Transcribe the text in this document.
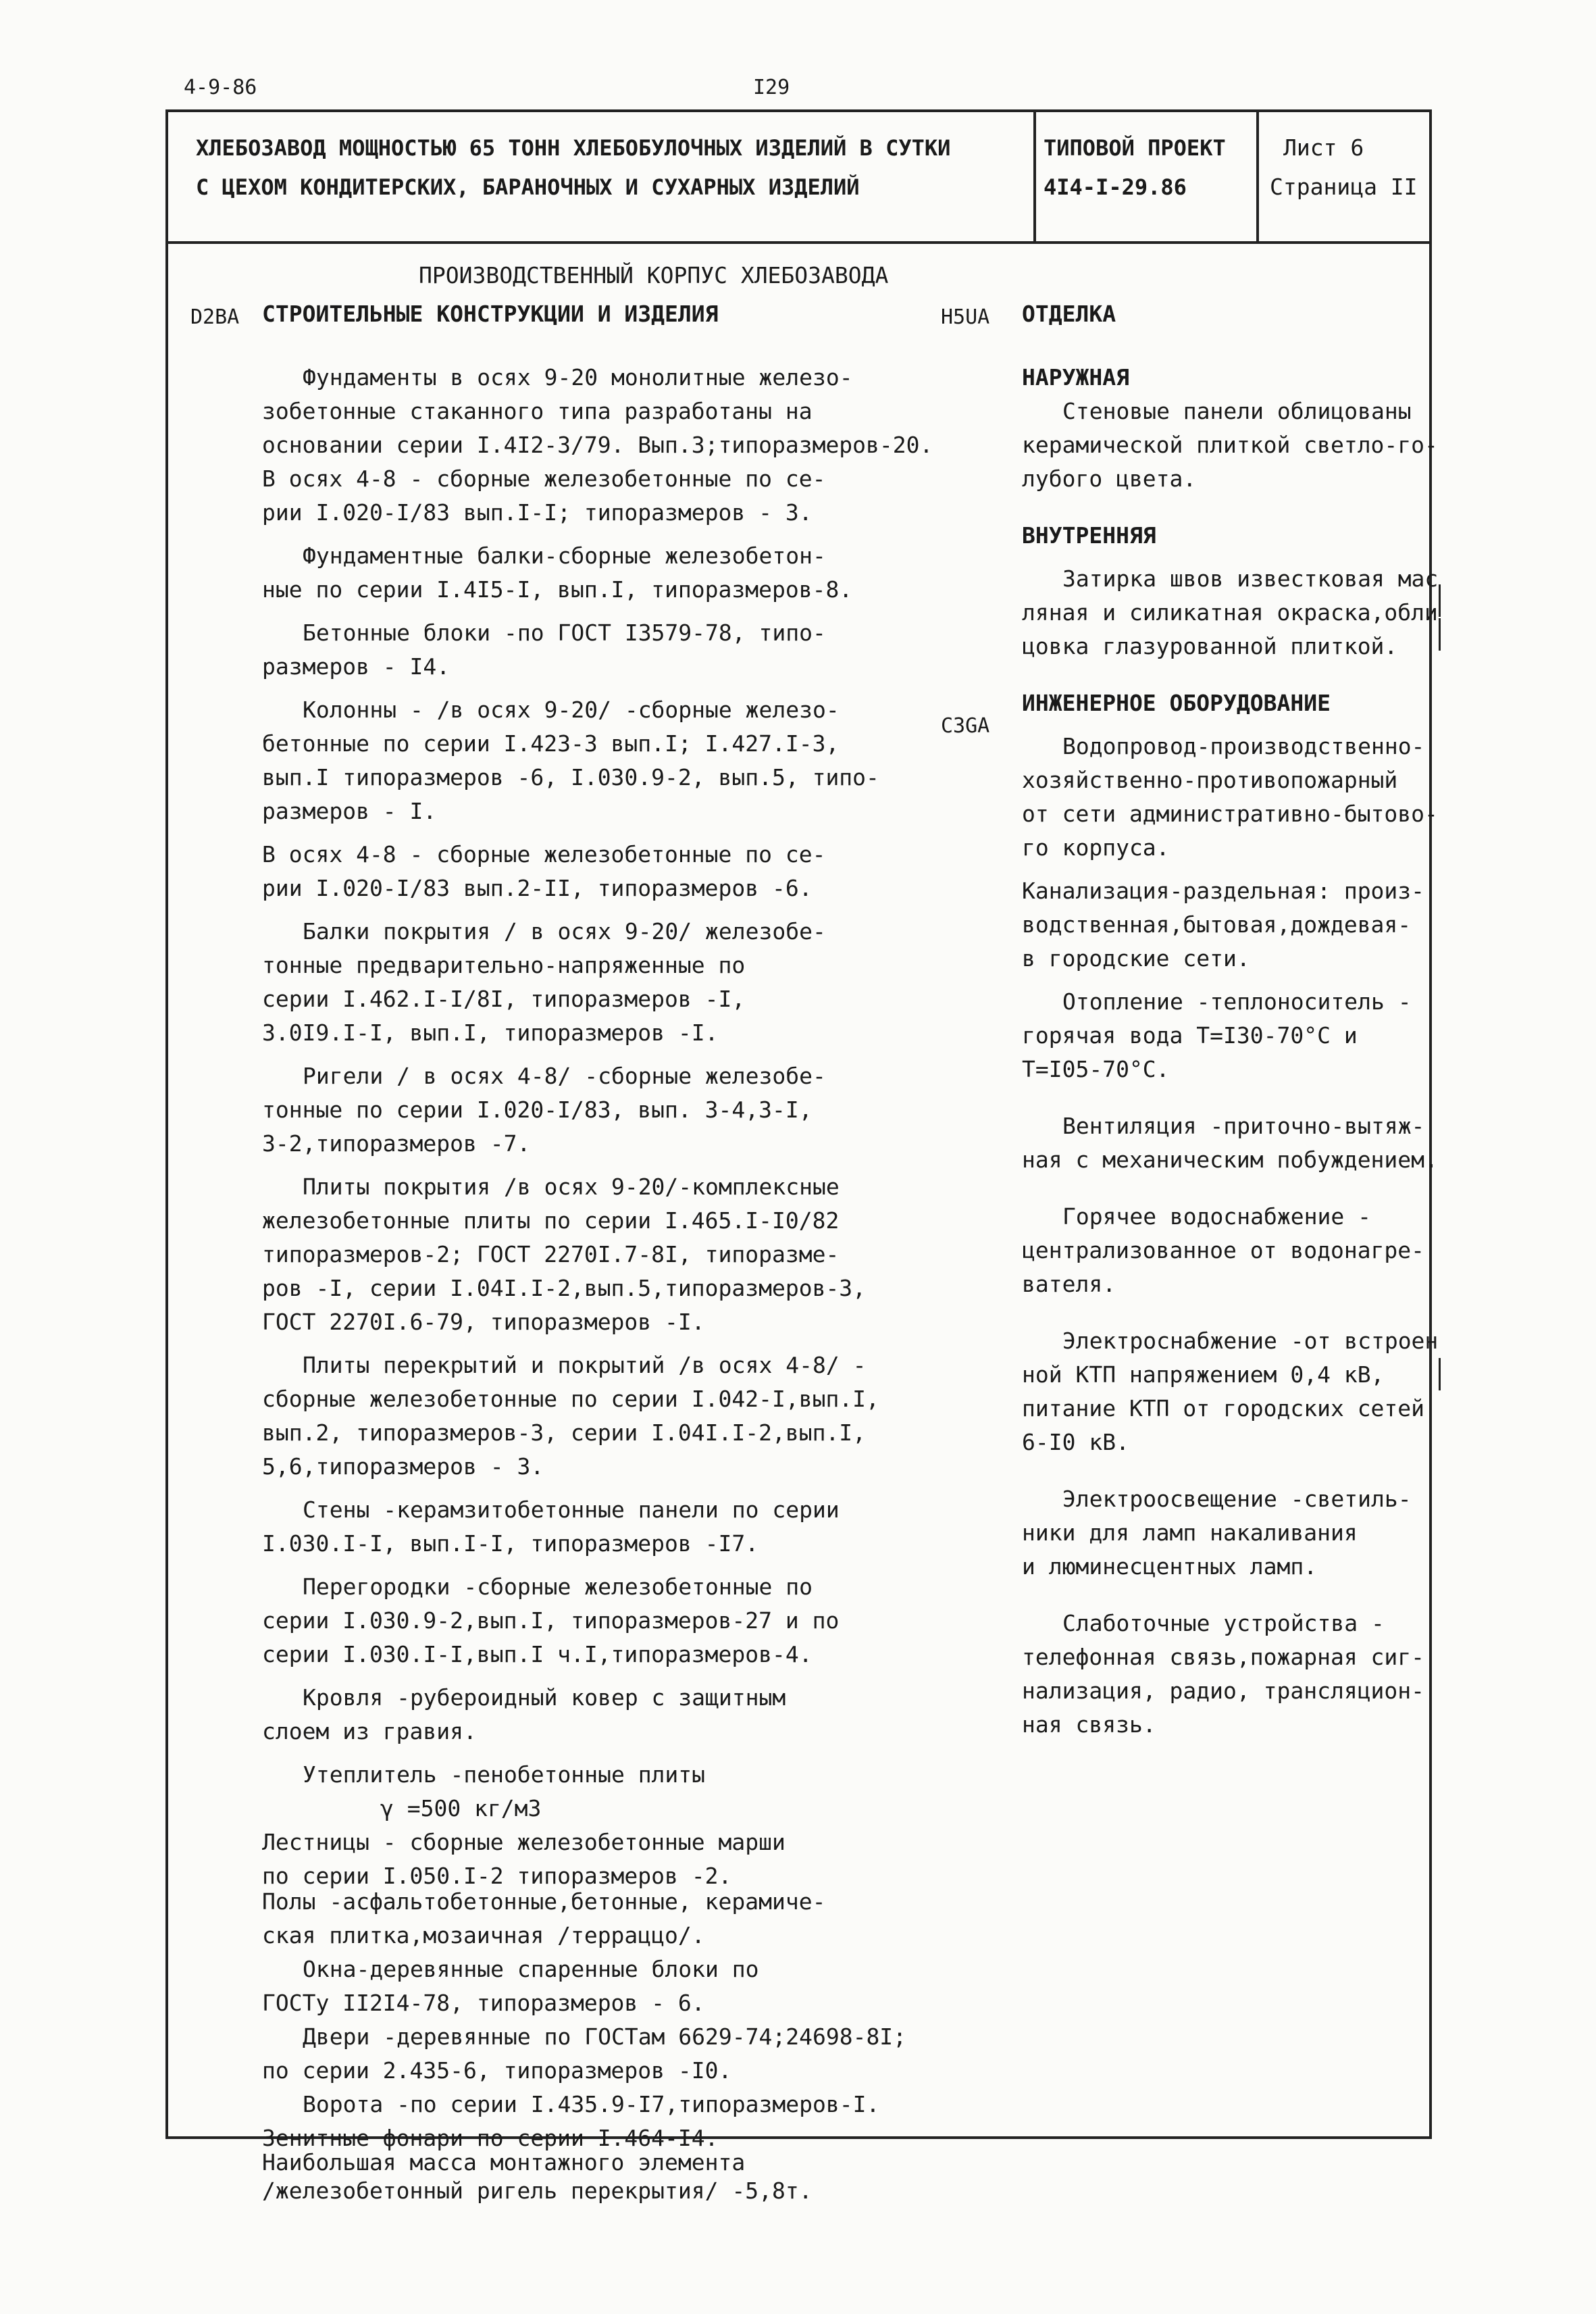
4-9-86	I29
ХЛЕБОЗАВОД МОЩНОСТЬЮ 65 ТОНН ХЛЕБОБУЛОЧНЫХ ИЗДЕЛИЙ В СУТКИ
С ЦЕХОМ КОНДИТЕРСКИХ, БАРАНОЧНЫХ И СУХАРНЫХ ИЗДЕЛИЙ
ТИПОВОЙ ПРОЕКТ
4I4-I-29.86
Лист 6
Страница II
ПРОИЗВОДСТВЕННЫЙ КОРПУС ХЛЕБОЗАВОДА
D2BA СТРОИТЕЛЬНЫЕ КОНСТРУКЦИИ И ИЗДЕЛИЯ

Фундаменты в осях 9-20 монолитные железо-

зобетонные стаканного типа разработаны на

основании серии I.4I2-3/79. Вып.3;типоразмеров-20.

В осях 4-8 - сборные железобетонные по се-

рии I.020-I/83 вып.I-I; типоразмеров - 3.

Фундаментные балки-сборные железобетон-

ные по серии I.4I5-I, вып.I, типоразмеров-8.

Бетонные блоки -по ГОСТ I3579-78, типо-

размеров - I4.

Колонны - /в осях 9-20/ -сборные железо-

бетонные по серии I.423-3 вып.I; I.427.I-3,

вып.I типоразмеров -6, I.030.9-2, вып.5, типо-

размеров - I.

В осях 4-8 - сборные железобетонные по се-

рии I.020-I/83 вып.2-II, типоразмеров -6.

Балки покрытия / в осях 9-20/ железобе-

тонные предварительно-напряженные по

серии I.462.I-I/8I, типоразмеров -I,

3.0I9.I-I, вып.I, типоразмеров -I.

Ригели / в осях 4-8/ -сборные железобе-

тонные по серии I.020-I/83, вып. 3-4,3-I,

3-2,типоразмеров -7.

Плиты покрытия /в осях 9-20/-комплексные

железобетонные плиты по серии I.465.I-I0/82

типоразмеров-2; ГОСТ 2270I.7-8I, типоразме-

ров -I, серии I.04I.I-2,вып.5,типоразмеров-3,

ГОСТ 2270I.6-79, типоразмеров -I.

Плиты перекрытий и покрытий /в осях 4-8/ -

сборные железобетонные по серии I.042-I,вып.I,

вып.2, типоразмеров-3, серии I.04I.I-2,вып.I,

5,6,типоразмеров - 3.

Стены -керамзитобетонные панели по серии

I.030.I-I, вып.I-I, типоразмеров -I7.

Перегородки -сборные железобетонные по

серии I.030.9-2,вып.I, типоразмеров-27 и по

серии I.030.I-I,вып.I ч.I,типоразмеров-4.

Кровля -рубероидный ковер с защитным

слоем из гравия.

Утеплитель -пенобетонные плиты

γ =500 кг/м3

Лестницы - сборные железобетонные марши

по серии I.050.I-2 типоразмеров -2.

Полы -асфальтобетонные,бетонные, керамиче-

ская плитка,мозаичная /терраццо/.

Окна-деревянные спаренные блоки по

ГОСТу II2I4-78, типоразмеров - 6.

Двери -деревянные по ГОСТам 6629-74;24698-8I;

по серии 2.435-6, типоразмеров -I0.

Ворота -по серии I.435.9-I7,типоразмеров-I.

Зенитные фонари по серии I.464-I4.

Наибольшая масса монтажного элемента

/железобетонный ригель перекрытия/ -5,8т.

H5UA
C3GA

ОТДЕЛКА

НАРУЖНАЯ

Стеновые панели облицованы

керамической плиткой светло-го-

лубого цвета.

ВНУТРЕННЯЯ

Затирка швов известковая мас

ляная и силикатная окраска,обли

цовка глазурованной плиткой.

ИНЖЕНЕРНОЕ ОБОРУДОВАНИЕ

Водопровод-производственно-

хозяйственно-противопожарный

от сети административно-бытово-

го корпуса.

Канализация-раздельная: произ-

водственная,бытовая,дождевая-

в городские сети.

Отопление -теплоноситель -

горячая вода T=I30-70°C и

T=I05-70°C.

Вентиляция -приточно-вытяж-

ная с механическим побуждением.

Горячее водоснабжение -

централизованное от водонагре-

вателя.

Электроснабжение -от встроен

ной КТП напряжением 0,4 кВ,

питание КТП от городских сетей

6-I0 кВ.

Электроосвещение -светиль-

ники для ламп накаливания

и люминесцентных ламп.

Слаботочные устройства -

телефонная связь,пожарная сиг-

нализация, радио, трансляцион-

ная связь.
